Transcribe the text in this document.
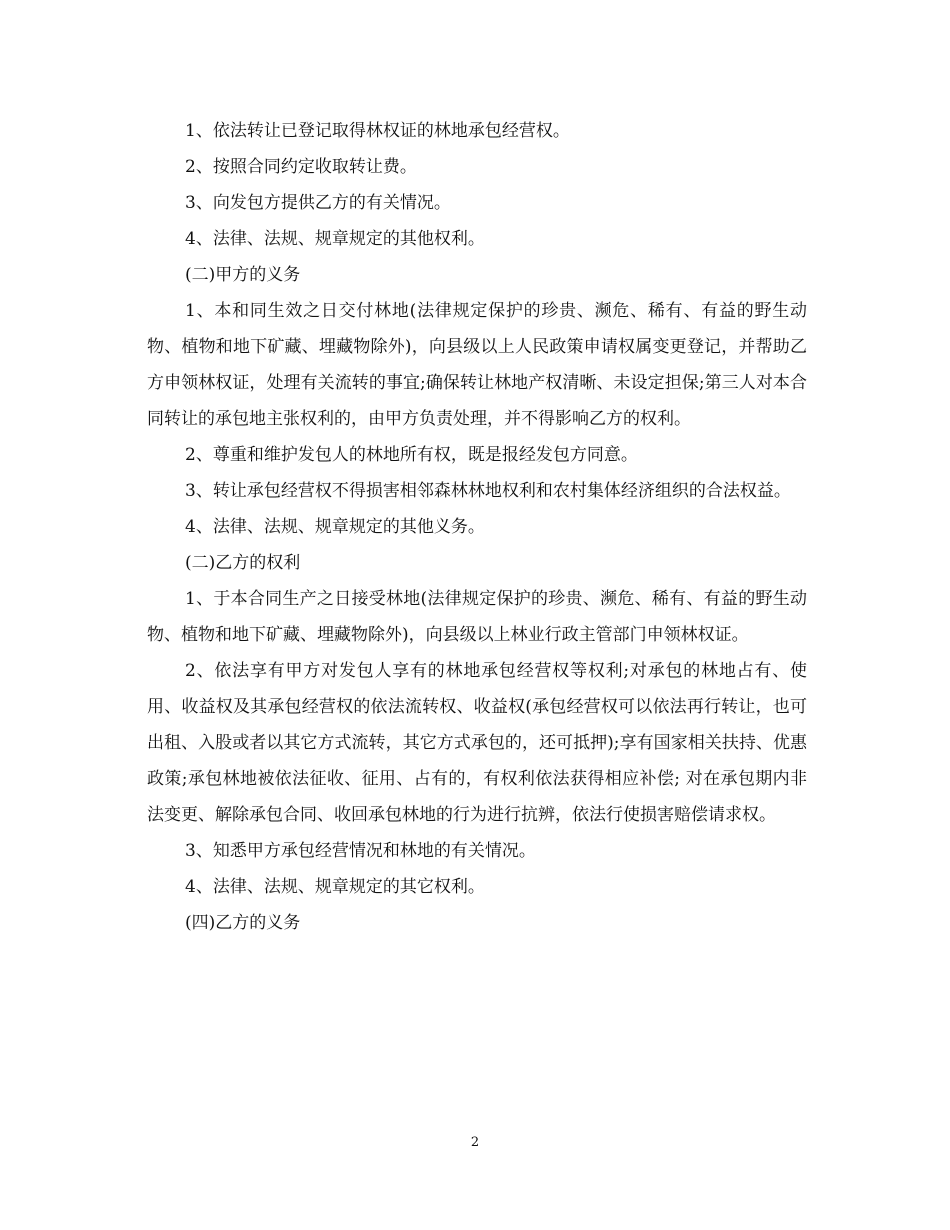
1、依法转让已登记取得林权证的林地承包经营权。

2、按照合同约定收取转让费。

3、向发包方提供乙方的有关情况。

4、法律、法规、规章规定的其他权利。

(二)甲方的义务

1、本和同生效之日交付林地(法律规定保护的珍贵、濒危、稀有、有益的野生动物、植物和地下矿藏、埋藏物除外)，向县级以上人民政策申请权属变更登记，并帮助乙方申领林权证，处理有关流转的事宜;确保转让林地产权清晰、未设定担保;第三人对本合同转让的承包地主张权利的，由甲方负责处理，并不得影响乙方的权利。

2、尊重和维护发包人的林地所有权，既是报经发包方同意。

3、转让承包经营权不得损害相邻森林林地权利和农村集体经济组织的合法权益。

4、法律、法规、规章规定的其他义务。

(二)乙方的权利

1、于本合同生产之日接受林地(法律规定保护的珍贵、濒危、稀有、有益的野生动物、植物和地下矿藏、埋藏物除外)，向县级以上林业行政主管部门申领林权证。

2、依法享有甲方对发包人享有的林地承包经营权等权利;对承包的林地占有、使用、收益权及其承包经营权的依法流转权、收益权(承包经营权可以依法再行转让，也可出租、入股或者以其它方式流转，其它方式承包的，还可抵押);享有国家相关扶持、优惠政策;承包林地被依法征收、征用、占有的，有权利依法获得相应补偿; 对在承包期内非法变更、解除承包合同、收回承包林地的行为进行抗辨，依法行使损害赔偿请求权。

3、知悉甲方承包经营情况和林地的有关情况。

4、法律、法规、规章规定的其它权利。

(四)乙方的义务

2
